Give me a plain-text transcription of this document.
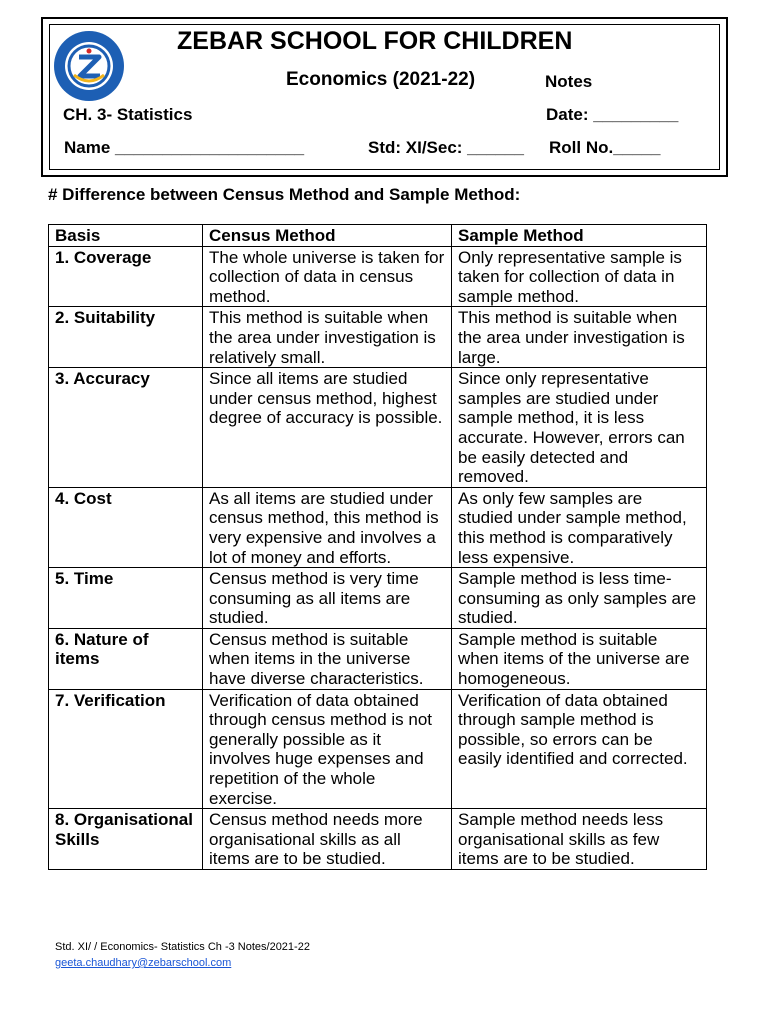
ZEBAR SCHOOL FOR CHILDREN
Economics (2021-22)	Notes
CH. 3- Statistics	Date: _________
Name ____________________	Std: XI/Sec: ______ Roll No._____
# Difference between Census Method and Sample Method:
Basis	Census Method	Sample Method
1. Coverage	The whole universe is taken for collection of data in census method.	Only representative sample is taken for collection of data in sample method.
2. Suitability	This method is suitable when the area under investigation is relatively small.	This method is suitable when the area under investigation is large.
3. Accuracy	Since all items are studied under census method, highest degree of accuracy is possible.	Since only representative samples are studied under sample method, it is less accurate. However, errors can be easily detected and removed.
4. Cost	As all items are studied under census method, this method is very expensive and involves a lot of money and efforts.	As only few samples are studied under sample method, this method is comparatively less expensive.
5. Time	Census method is very time consuming as all items are studied.	Sample method is less time-consuming as only samples are studied.
6. Nature of items	Census method is suitable when items in the universe have diverse characteristics.	Sample method is suitable when items of the universe are homogeneous.
7. Verification	Verification of data obtained through census method is not generally possible as it involves huge expenses and repetition of the whole exercise.	Verification of data obtained through sample method is possible, so errors can be easily identified and corrected.
8. Organisational Skills	Census method needs more organisational skills as all items are to be studied.	Sample method needs less organisational skills as few items are to be studied.
Std. XI/ / Economics- Statistics Ch -3 Notes/2021-22
geeta.chaudhary@zebarschool.com
